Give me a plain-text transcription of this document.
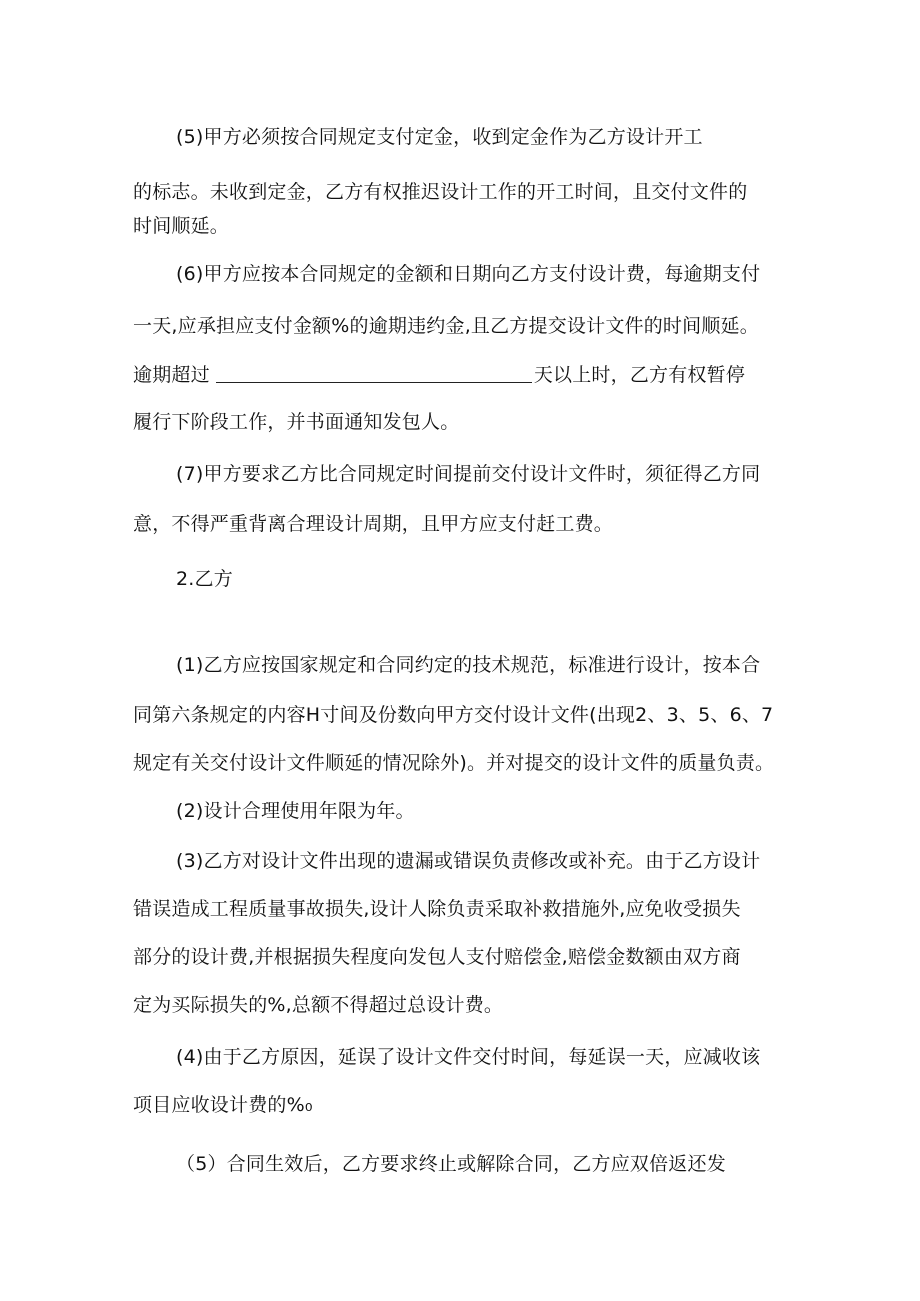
(5)甲方必须按合同规定支付定金，收到定金作为乙方设计开工
的标志。未收到定金，乙方有权推迟设计工作的开工时间，且交付文件的
时间顺延。
(6)甲方应按本合同规定的金额和日期向乙方支付设计费，每逾期支付
一天,应承担应支付金额%的逾期违约金,且乙方提交设计文件的时间顺延。
逾期超过	天以上时，乙方有权暂停
履行下阶段工作，并书面通知发包人。
(7)甲方要求乙方比合同规定时间提前交付设计文件时，须征得乙方同
意，不得严重背离合理设计周期，且甲方应支付赶工费。
2.乙方
(1)乙方应按国家规定和合同约定的技术规范，标准进行设计，按本合
同第六条规定的内容H寸间及份数向甲方交付设计文件(出现2、3、5、6、7
规定有关交付设计文件顺延的情况除外)。并对提交的设计文件的质量负责。
(2)设计合理使用年限为年。
(3)乙方对设计文件出现的遗漏或错误负责修改或补充。由于乙方设计
错误造成工程质量事故损失,设计人除负责采取补救措施外,应免收受损失
部分的设计费,并根据损失程度向发包人支付赔偿金,赔偿金数额由双方商
定为买际损失的%,总额不得超过总设计费。
(4)由于乙方原因，延误了设计文件交付时间，每延误一天，应减收该
项目应收设计费的%₀
（5）合同生效后，乙方要求终止或解除合同，乙方应双倍返还发
